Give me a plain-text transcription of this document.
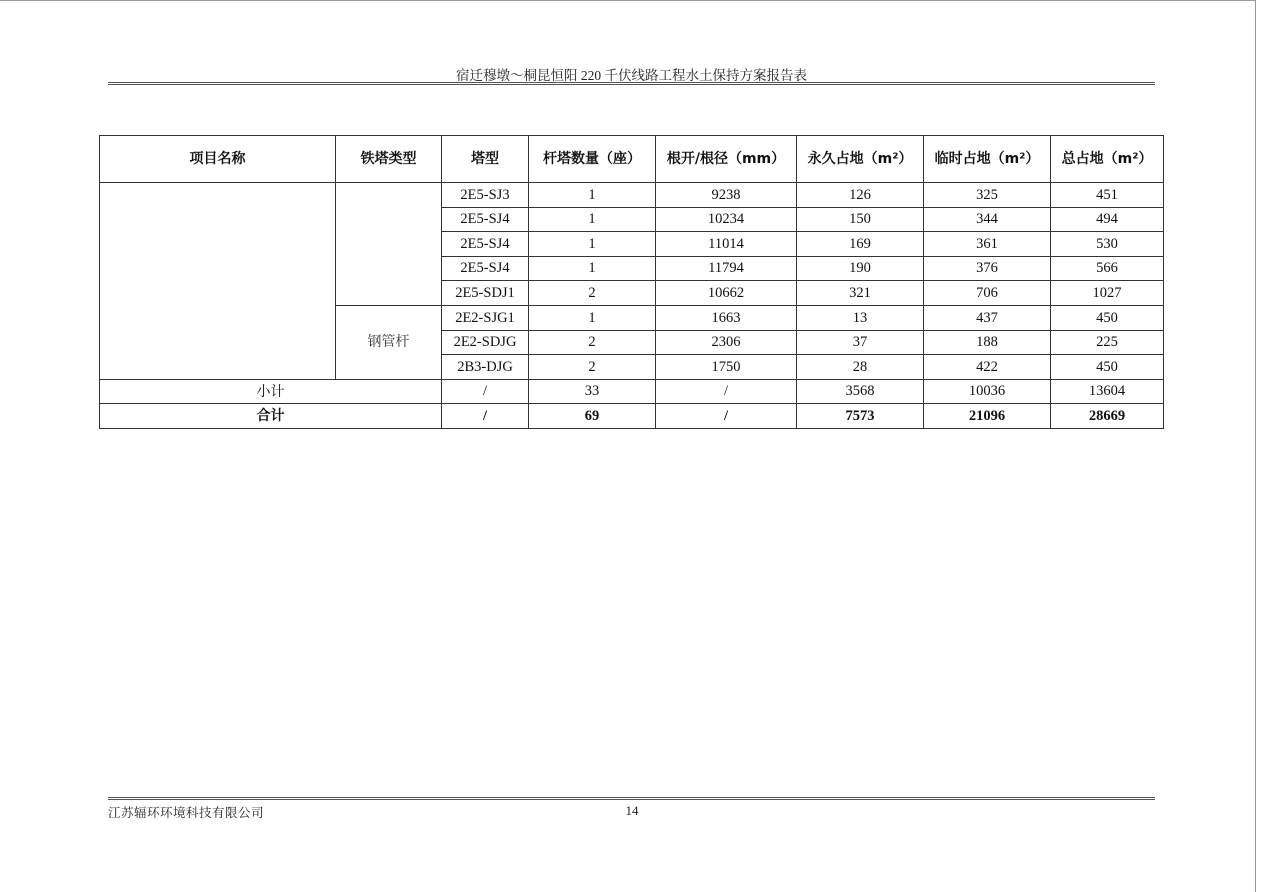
宿迁穆墩～桐昆恒阳 220 千伏线路工程水土保持方案报告表
项目名称	铁塔类型	塔型	杆塔数量（座）	根开/根径（mm）	永久占地（m²）	临时占地（m²）	总占地（m²）
		2E5-SJ3	1	9238	126	325	451
		2E5-SJ4	1	10234	150	344	494
		2E5-SJ4	1	11014	169	361	530
		2E5-SJ4	1	11794	190	376	566
		2E5-SDJ1	2	10662	321	706	1027
	钢管杆	2E2-SJG1	1	1663	13	437	450
		2E2-SDJG	2	2306	37	188	225
		2B3-DJG	2	1750	28	422	450
小计		/	33	/	3568	10036	13604
合计		/	69	/	7573	21096	28669
江苏辐环环境科技有限公司	14
